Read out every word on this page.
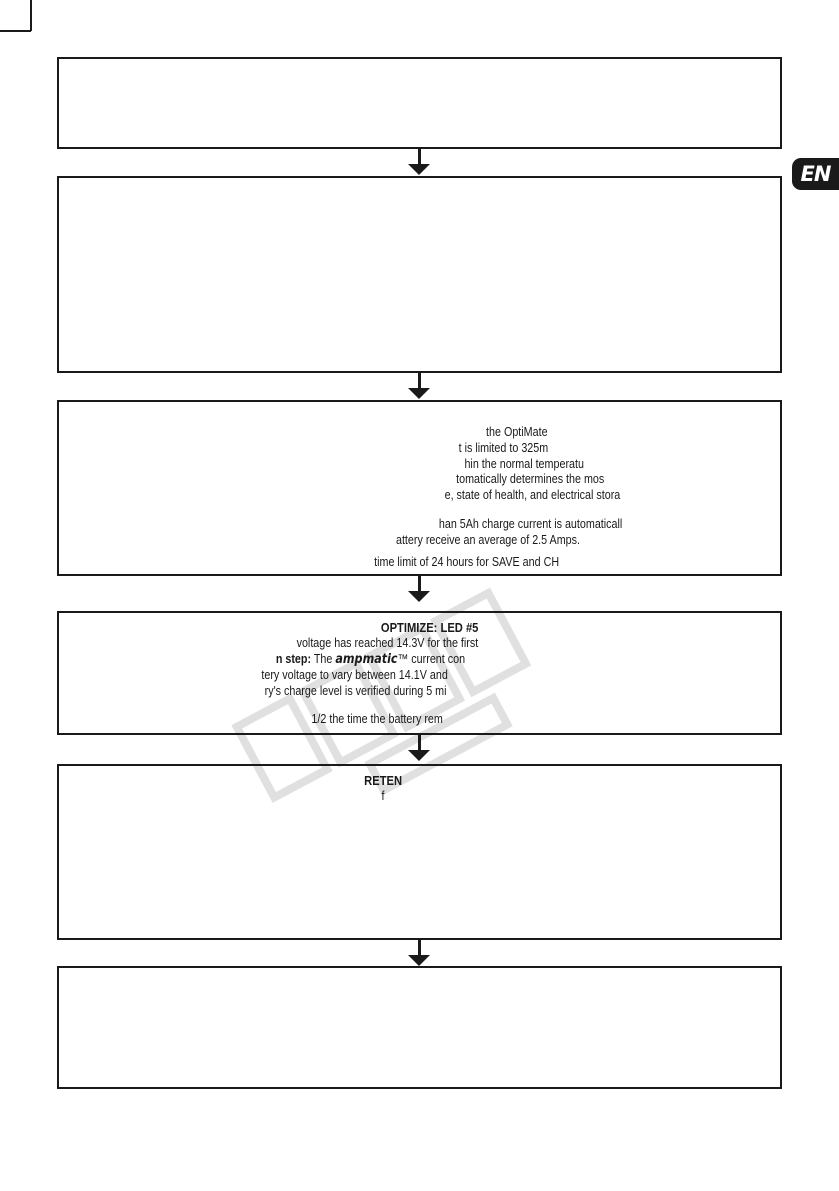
EN
the OptiMate
t is limited to 325m
hin the normal temperatu
tomatically determines the mos
e, state of health, and electrical stora
han 5Ah charge current is automaticall
attery receive an average of 2.5 Amps.
time limit of 24 hours for SAVE and CH
OPTIMIZE: LED #5
voltage has reached 14.3V for the first
n step: The ampmatic™ current con
tery voltage to vary between 14.1V and
ry's charge level is verified during 5 mi
1/2 the time the battery rem
RETEN
f
